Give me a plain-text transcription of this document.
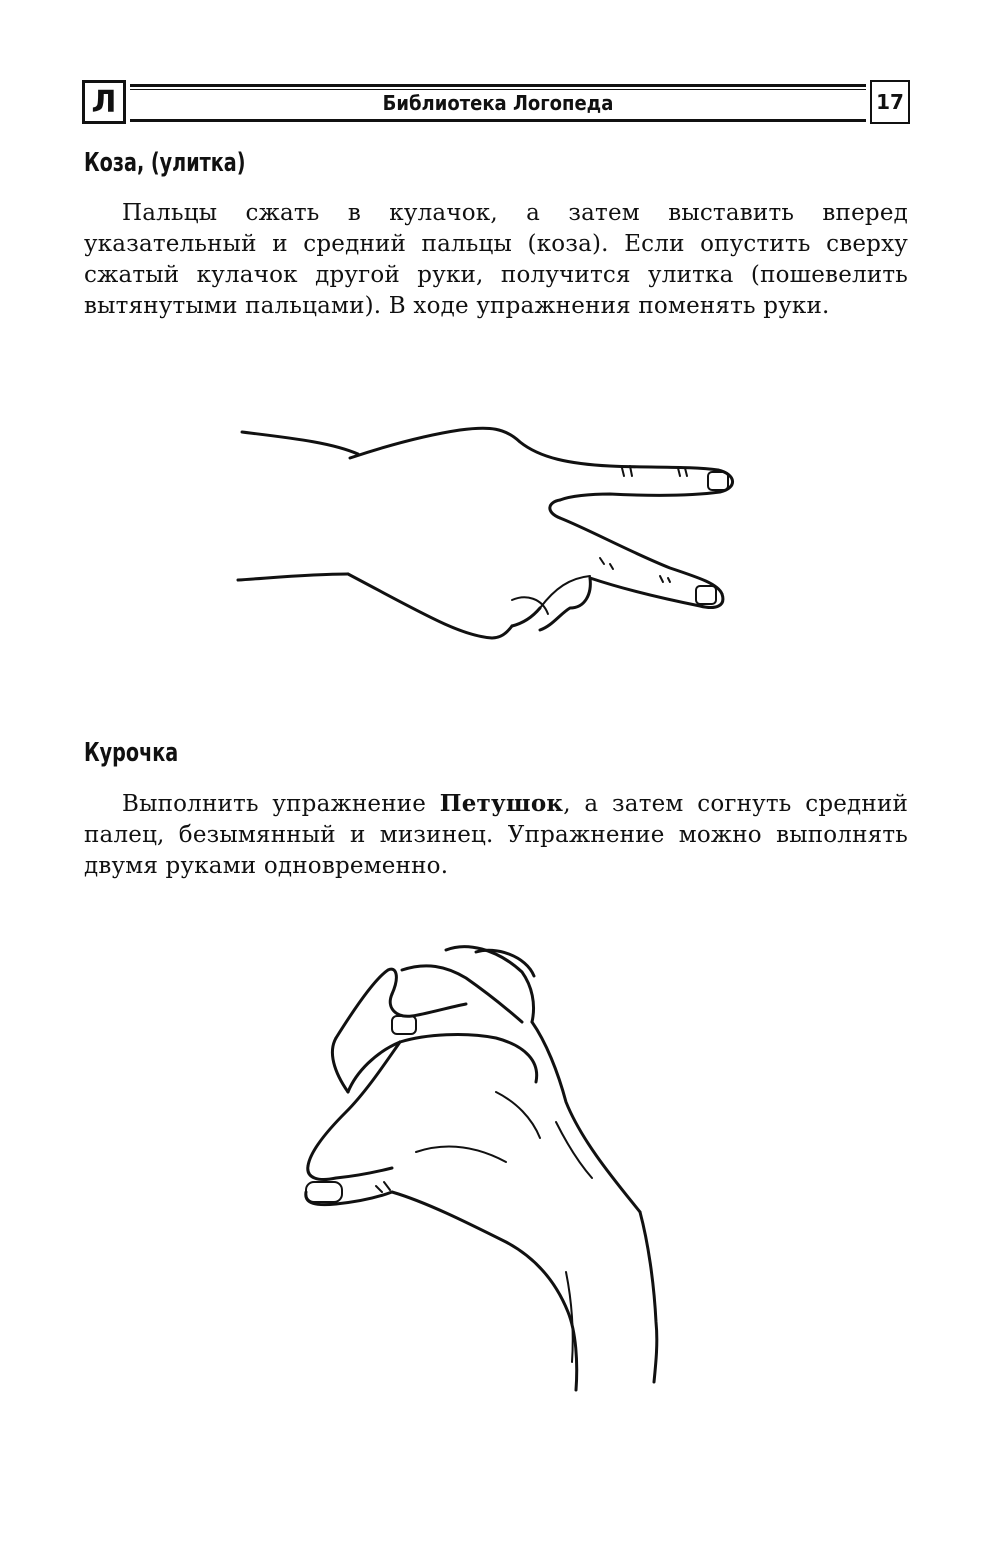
Л	Библиотека Логопеда	17
Коза, (улитка)

Пальцы сжать в кулачок, а затем выставить вперед указательный и средний пальцы (коза). Если опустить сверху сжатый кулачок другой руки, получится улитка (пошевелить вытянутыми пальцами). В ходе упражнения поменять руки.

Курочка

Выполнить упражнение Петушок, а затем согнуть средний палец, безымянный и мизинец. Упражнение можно выполнять двумя руками одновременно.
